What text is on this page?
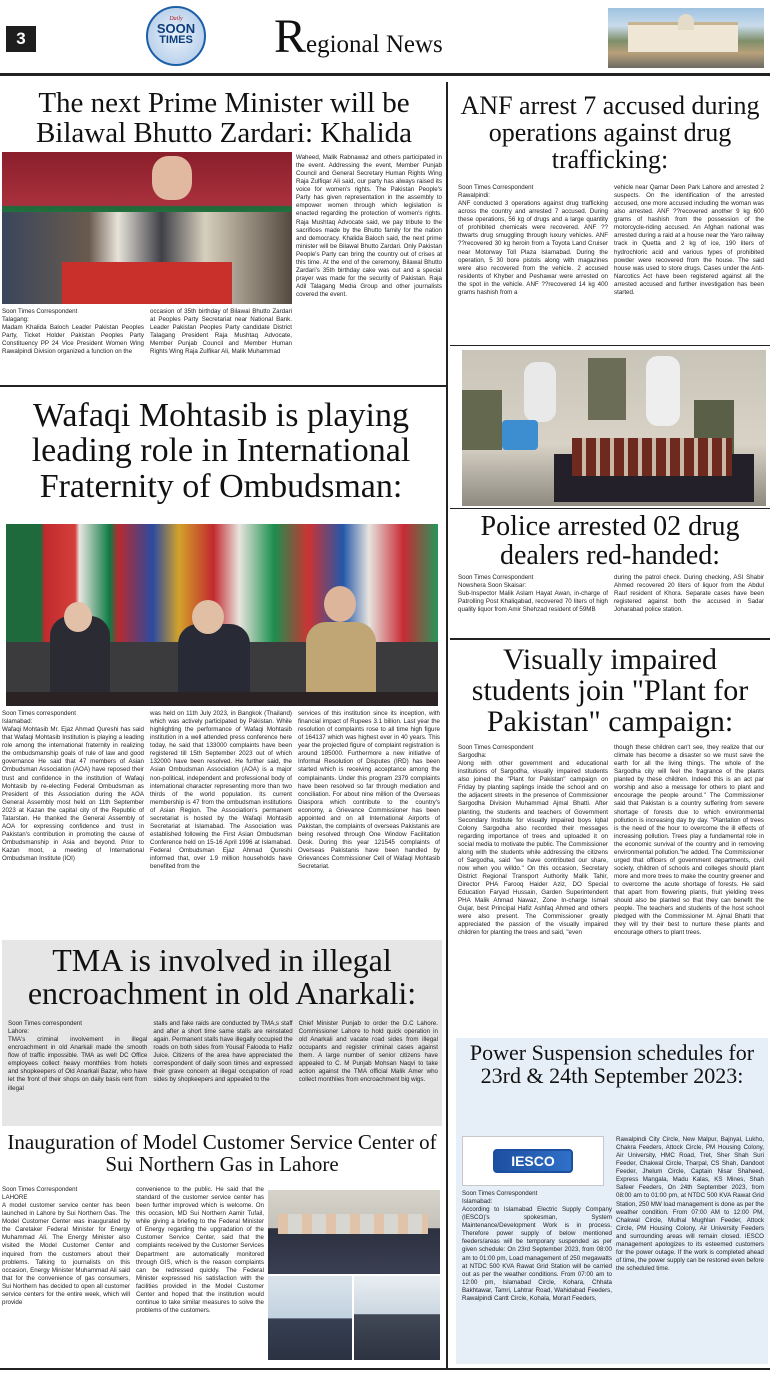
3
Daily
SOON
TIMES Regional News
The next Prime Minister will be Bilawal Bhutto Zardari: Khalida
Waheed, Malik Rabnawaz and others participated in the event. Addressing the event, Member Punjab Council and General Secretary Human Rights Wing Raja Zulfiqar Ali said, our party has always raised its voice for women's rights. The Pakistan People's Party has given representation in the assembly to empower women through which legislation is enacted regarding the protection of women's rights. Raja Mushtaq Advocate said, we pay tribute to the sacrifices made by the Bhutto family for the nation and democracy. Khalida Baloch said, the next prime minister will be Bilawal Bhutto Zardari. Only Pakistan People's Party can bring the country out of crises at this time. At the end of the ceremony, Bilawal Bhutto Zardari's 35th birthday cake was cut and a special prayer was made for the security of Pakistan. Raja Adil Talagang Media Group and other journalists covered the event.
Soon Times Correspondent
Talagang:
Madam Khalida Baloch Leader Pakistan Peoples Party, Ticket Holder Pakistan Peoples Party Constituency PP 24 Vice President Women Wing Rawalpindi Division organized a function on the
occasion of 35th birthday of Bilawal Bhutto Zardari at Peoples Party Secretariat near National Bank. Leader Pakistan Peoples Party candidate District Talagang President Raja Mushtaq Advocate, Member Punjab Council and Member Human Rights Wing Raja Zulfikar Ali, Malik Muhammad
ANF arrest 7 accused during operations against drug trafficking:
Soon Times Correspondent
Rawalpindi:
ANF conducted 3 operations against drug trafficking across the country and arrested 7 accused. During these operations, 56 kg of drugs and a large quantity of prohibited chemicals were recovered. ANF ??thwarts drug smuggling through luxury vehicles. ANF ??recovered 30 kg heroin from a Toyota Land Cruiser near Motorway Toll Plaza Islamabad. During the operation, 5 30 bore pistols along with magazines were also recovered from the vehicle. 2 accused residents of Khyber and Peshawar were arrested on the spot in the vehicle. ANF ??recovered 14 kg 400 grams hashish from a
vehicle near Qamar Deen Park Lahore and arrested 2 suspects. On the identification of the arrested accused, one more accused including the woman was also arrested. ANF ??recovered another 9 kg 600 grams of hashish from the possession of the motorcycle-riding accused. An Afghan national was arrested during a raid at a house near the Yaro railway track in Quetta and 2 kg of ice, 190 liters of hydrochloric acid and various types of prohibited powder were recovered from the house. The said house was used to store drugs. Cases under the Anti-Narcotics Act have been registered against all the arrested accused and further investigation has been started.
Wafaqi Mohtasib is playing leading role in International Fraternity of Ombudsman:
Soon Times correspondent
Islamabad:
Wafaqi Mohtasib Mr. Ejaz Ahmad Qureshi has said that Wafaqi Mohtasib Institution is playing a leading role among the international fraternity in realizing the ombudsmanship goals of rule of law and good governance He said that 47 members of Asian Ombudsman Association (AOA) have reposed their trust and confidence in the institution of Wafaqi Mohtasib by re-electing Federal Ombudsman as President of this Association during the AOA General Assembly most held on 11th September 2023 at Kazan the capital city of the Republic of Tatarstan. He thanked the General Assembly of AOA for expressing confidence and trust in Pakistan's contribution in promoting the cause of Ombudsmanship in Asia and beyond. Prior to Kazan moot, a meeting of International Ombudsman Institute (IOI)
was held on 11th July 2023, in Bangkok (Thailand) which was actively participated by Pakistan. While highlighting the performance of Wafaqi Mohtasib institution in a well attended press conference here today, he said that 133000 complaints have been registered till 15th September 2023 out of which 132000 have been resolved. He further said, the Asian Ombudsman Association (AOA) is a major non-political, independent and professional body of international character representing more than two thirds of the world population. Its current membership is 47 from the ombudsman institutions of Asian Region. The Association's permanent secretariat is hosted by the Wafaqi Mohtasib Secretariat at Islamabad. The Association was established following the First Asian Ombudsman Conference held on 15-16 April 1996 at Islamabad. Federal Ombudsman Ejaz Ahmad Qureshi informed that, over 1.9 million households have benefited from the
services of this institution since its inception, with financial impact of Rupees 3.1 billion. Last year the resolution of complaints rose to all time high figure of 164137 which was highest ever in 40 years. This year the projected figure of complaint registration is around 185000. Furthermore a new initiative of Informal Resolution of Disputes (IRD) has been started which is receiving acceptance among the complainants. Under this program 2379 complaints have been resolved so far through mediation and conciliation. For about nine million of the Overseas Diaspora which contribute to the country's economy, a Grievance Commissioner has been appointed and on all International Airports of Pakistan, the complaints of overseas Pakistanis are being resolved through One Window Facilitation Desk. During this year 121545 complaints of Overseas Pakistanis have been handled by Grievances Commissioner Cell of Wafaqi Mohtasib Secretariat.
Police arrested 02 drug dealers red-handed:
Soon Times Correspondent
Nowshera Soon Skaisar:
Sub-Inspector Malik Aslam Hayat Awan, in-charge of Patrolling Post Khaliqabad, recovered 70 liters of high quality liquor from Amir Shehzad resident of 59MB
during the patrol check. During checking, ASI Shabir Ahmed recovered 20 liters of liquor from the Abdul Rauf resident of Khora. Separate cases have been registered against both the accused in Sadar Joharabad police station.
Visually impaired students join "Plant for Pakistan" campaign:
Soon Times Correspondent
Sargodha:
Along with other government and educational institutions of Sargodha, visually impaired students also joined the "Plant for Pakistan" campaign on Friday by planting saplings inside the school and on the adjacent streets in the presence of Commissioner Sargodha Division Muhammad Ajmal Bhatti. After planting, the students and teachers of Government Secondary Institute for visually impaired boys Iqbal Colony Sargodha also recorded their messages regarding importance of trees and uploaded it on social media to motivate the public. The Commissioner along with the students while addressing the citizens of Sargodha, said "we have contributed our share, now when you willdo." On this occasion, Secretary District Regional Transport Authority Malik Tahir, Director PHA Farooq Haider Aziz, DO Special Education Faryad Hussain, Garden Superintendent PHA Malik Ahmad Nawaz, Zone In-charge Ismail Gujar, best Principal Hafiz Ashfaq Ahmed and others were also present. The Commissioner greatly appreciated the passion of the visually impaired children for planting the trees and said, "even
though these children can't see, they realize that our climate has become a disaster so we must save the earth for all the living things. The whole of the Sargodha city will feel the fragrance of the plants planted by these children. Indeed this is an act par worship and also a message for others to plant and encourage the people around." The Commissioner said that Pakistan is a country suffering from severe shortage of forests due to which environmental pollution is increasing day by day. "Plantation of trees is the need of the hour to overcome the ill effects of increasing pollution. Trees play a fundamental role in the economic survival of the country and in removing environmental pollution."he added. The Commissioner urged that officers of government departments, civil society, children of schools and colleges should plant more and more trees to make the country greener and to overcome the acute shortage of forests. He said that apart from flowering plants, fruit yielding trees should also be planted so that they can benefit the people. The teachers and students of the host school pledged with the Commissioner M. Ajmal Bhatti that they will try their best to nurture these plants and encourage others to plant trees.
TMA is involved in illegal encroachment in old Anarkali:
Soon Times correspondent
Lahore:
TMA's criminal involvement in illegal encroachment in old Anarkali made the smooth flow of traffic impossible. TMA as well DC Office employees collect heavy monthlies from hotels and shopkeepers of Old Anarkali Bazar, who have let the front of their shops on daily basis rent from illegal
stalls and fake raids are conducted by TMA,s staff and after a short time same stalls are reinstated again. Permanent stalls have illegally occupied the roads on both sides from Yousaf Falooda to Hafiz Juice. Citizens of the area have appreciated the correspondent of daily soon times and expressed their grave concern at illegal occupation of road sides by shopkeepers and appealed to the
Chief Minister Punjab to order the D.C Lahore. Commissioner Lahore to hold quick operation in old Anarkali and vacate road sides from illegal occupants and register criminal cases against them. A large number of senior citizens have appealed to C. M Punjab Mohsan Naqvi to take action against the TMA official Malik Amer who collect monthlies from encroachment big wigs.
Inauguration of Model Customer Service Center of Sui Northern Gas in Lahore
Soon Times Correspondent
LAHORE
A model customer service center has been launched in Lahore by Sui Northern Gas. The Model Customer Center was inaugurated by the Caretaker Federal Minister for Energy Muhammad Ali. The Energy Minister also visited the Model Customer Center and inquired from the customers about their problems. Talking to journalists on this occasion, Energy Minister Muhammad Ali said that for the convenience of gas consumers, Sui Northern has decided to open all customer service centers for the entire week, which will provide
convenience to the public. He said that the standard of the customer service center has been further improved which is welcome. On this occasion, MD Sui Northern Aamir Tufail, while giving a briefing to the Federal Minister of Energy regarding the upgradation of the Customer Service Center, said that the complaints received by the Customer Services Department are automatically monitored through GIS, which is the reason complaints can be redressed quickly. The Federal Minister expressed his satisfaction with the facilities provided in the Model Customer Center and hoped that the institution would continue to take similar measures to solve the problems of the customers.
Power Suspension schedules for 23rd & 24th September 2023:
IESCO
Soon Times Correspondent
Islamabad:
According to Islamabad Electric Supply Company (IESCO)'s spokesman, System Maintenance/Development Work is in process. Therefore power supply of below mentioned feeders/areas will be temporary suspended as per given schedule: On 23rd September 2023, from 08:00 am to 01:00 pm, Load management of 250 megawatts at NTDC 500 KVA Rawat Grid Station will be carried out as per the weather conditions. From 07:00 am to 12:00 pm, Islamabad Circle, Kohara, Chhata Bakhtawar, Tamri, Lahtrar Road, Wahidabad Feeders, Rawalpindi Cantt Circle, Kohala, Morart Feeders,
Rawalpindi City Circle, New Malpur, Bajnyal, Lukho, Chakra Feeders, Attock Circle, PM Housing Colony, Air University, HMC Road, Tret, Sher Shah Suri Feeder, Chakwal Circle, Tharpal, CS Shah, Dandoot Feeder, Jhelum Circle, Captain Nisar Shaheed, Express Mangala, Madu Kalas, KS Mines, Shah Safeer Feeders, On 24th September 2023, from 08:00 am to 01:00 pm, at NTDC 500 KVA Rawat Grid Station, 250 MW load management is done as per the weather condition. From 07:00 AM to 12:00 PM, Chakwal Circle, Mulhal Mughlan Feeder, Attock Circle, PM Housing Colony, Air University Feeders and surrounding areas will remain closed. IESCO management apologizes to its esteemed customers for the power outage. If the work is completed ahead of time, the power supply can be restored even before the scheduled time.
